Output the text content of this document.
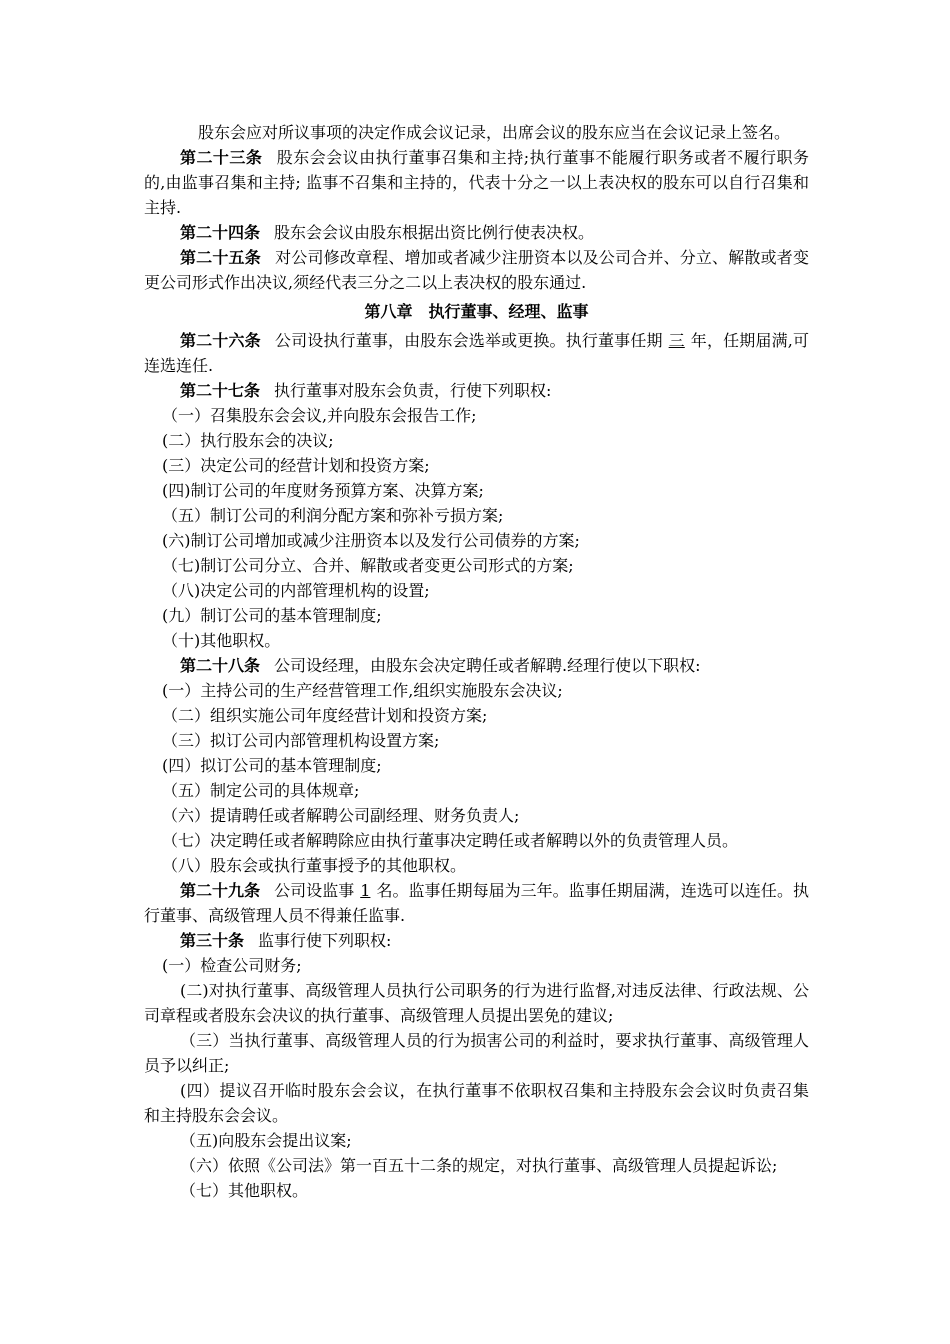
股东会应对所议事项的决定作成会议记录，出席会议的股东应当在会议记录上签名。

第二十三条 股东会会议由执行董事召集和主持;执行董事不能履行职务或者不履行职务的,由监事召集和主持; 监事不召集和主持的，代表十分之一以上表决权的股东可以自行召集和主持.

第二十四条 股东会会议由股东根据出资比例行使表决权。

第二十五条 对公司修改章程、增加或者减少注册资本以及公司合并、分立、解散或者变更公司形式作出决议,须经代表三分之二以上表决权的股东通过.

第八章　执行董事、经理、监事

第二十六条 公司设执行董事，由股东会选举或更换。执行董事任期 三 年，任期届满,可连选连任.

第二十七条 执行董事对股东会负责，行使下列职权:

（一）召集股东会会议,并向股东会报告工作;
(二）执行股东会的决议;
(三）决定公司的经营计划和投资方案;
(四)制订公司的年度财务预算方案、决算方案;
（五）制订公司的利润分配方案和弥补亏损方案;
(六)制订公司增加或减少注册资本以及发行公司债券的方案;
（七)制订公司分立、合并、解散或者变更公司形式的方案;
（八)决定公司的内部管理机构的设置;
(九）制订公司的基本管理制度;
（十)其他职权。

第二十八条 公司设经理，由股东会决定聘任或者解聘.经理行使以下职权:

(一）主持公司的生产经营管理工作,组织实施股东会决议;
（二）组织实施公司年度经营计划和投资方案;
（三）拟订公司内部管理机构设置方案;
(四）拟订公司的基本管理制度;
（五）制定公司的具体规章;
（六）提请聘任或者解聘公司副经理、财务负责人;
（七）决定聘任或者解聘除应由执行董事决定聘任或者解聘以外的负责管理人员。
（八）股东会或执行董事授予的其他职权。

第二十九条 公司设监事 1 名。监事任期每届为三年。监事任期届满，连选可以连任。执行董事、高级管理人员不得兼任监事.

第三十条 监事行使下列职权:

(一）检查公司财务;

(二)对执行董事、高级管理人员执行公司职务的行为进行监督,对违反法律、行政法规、公司章程或者股东会决议的执行董事、高级管理人员提出罢免的建议;

（三）当执行董事、高级管理人员的行为损害公司的利益时，要求执行董事、高级管理人员予以纠正;

(四）提议召开临时股东会会议，在执行董事不依职权召集和主持股东会会议时负责召集和主持股东会会议。

（五)向股东会提出议案;

（六）依照《公司法》第一百五十二条的规定，对执行董事、高级管理人员提起诉讼;

（七）其他职权。
